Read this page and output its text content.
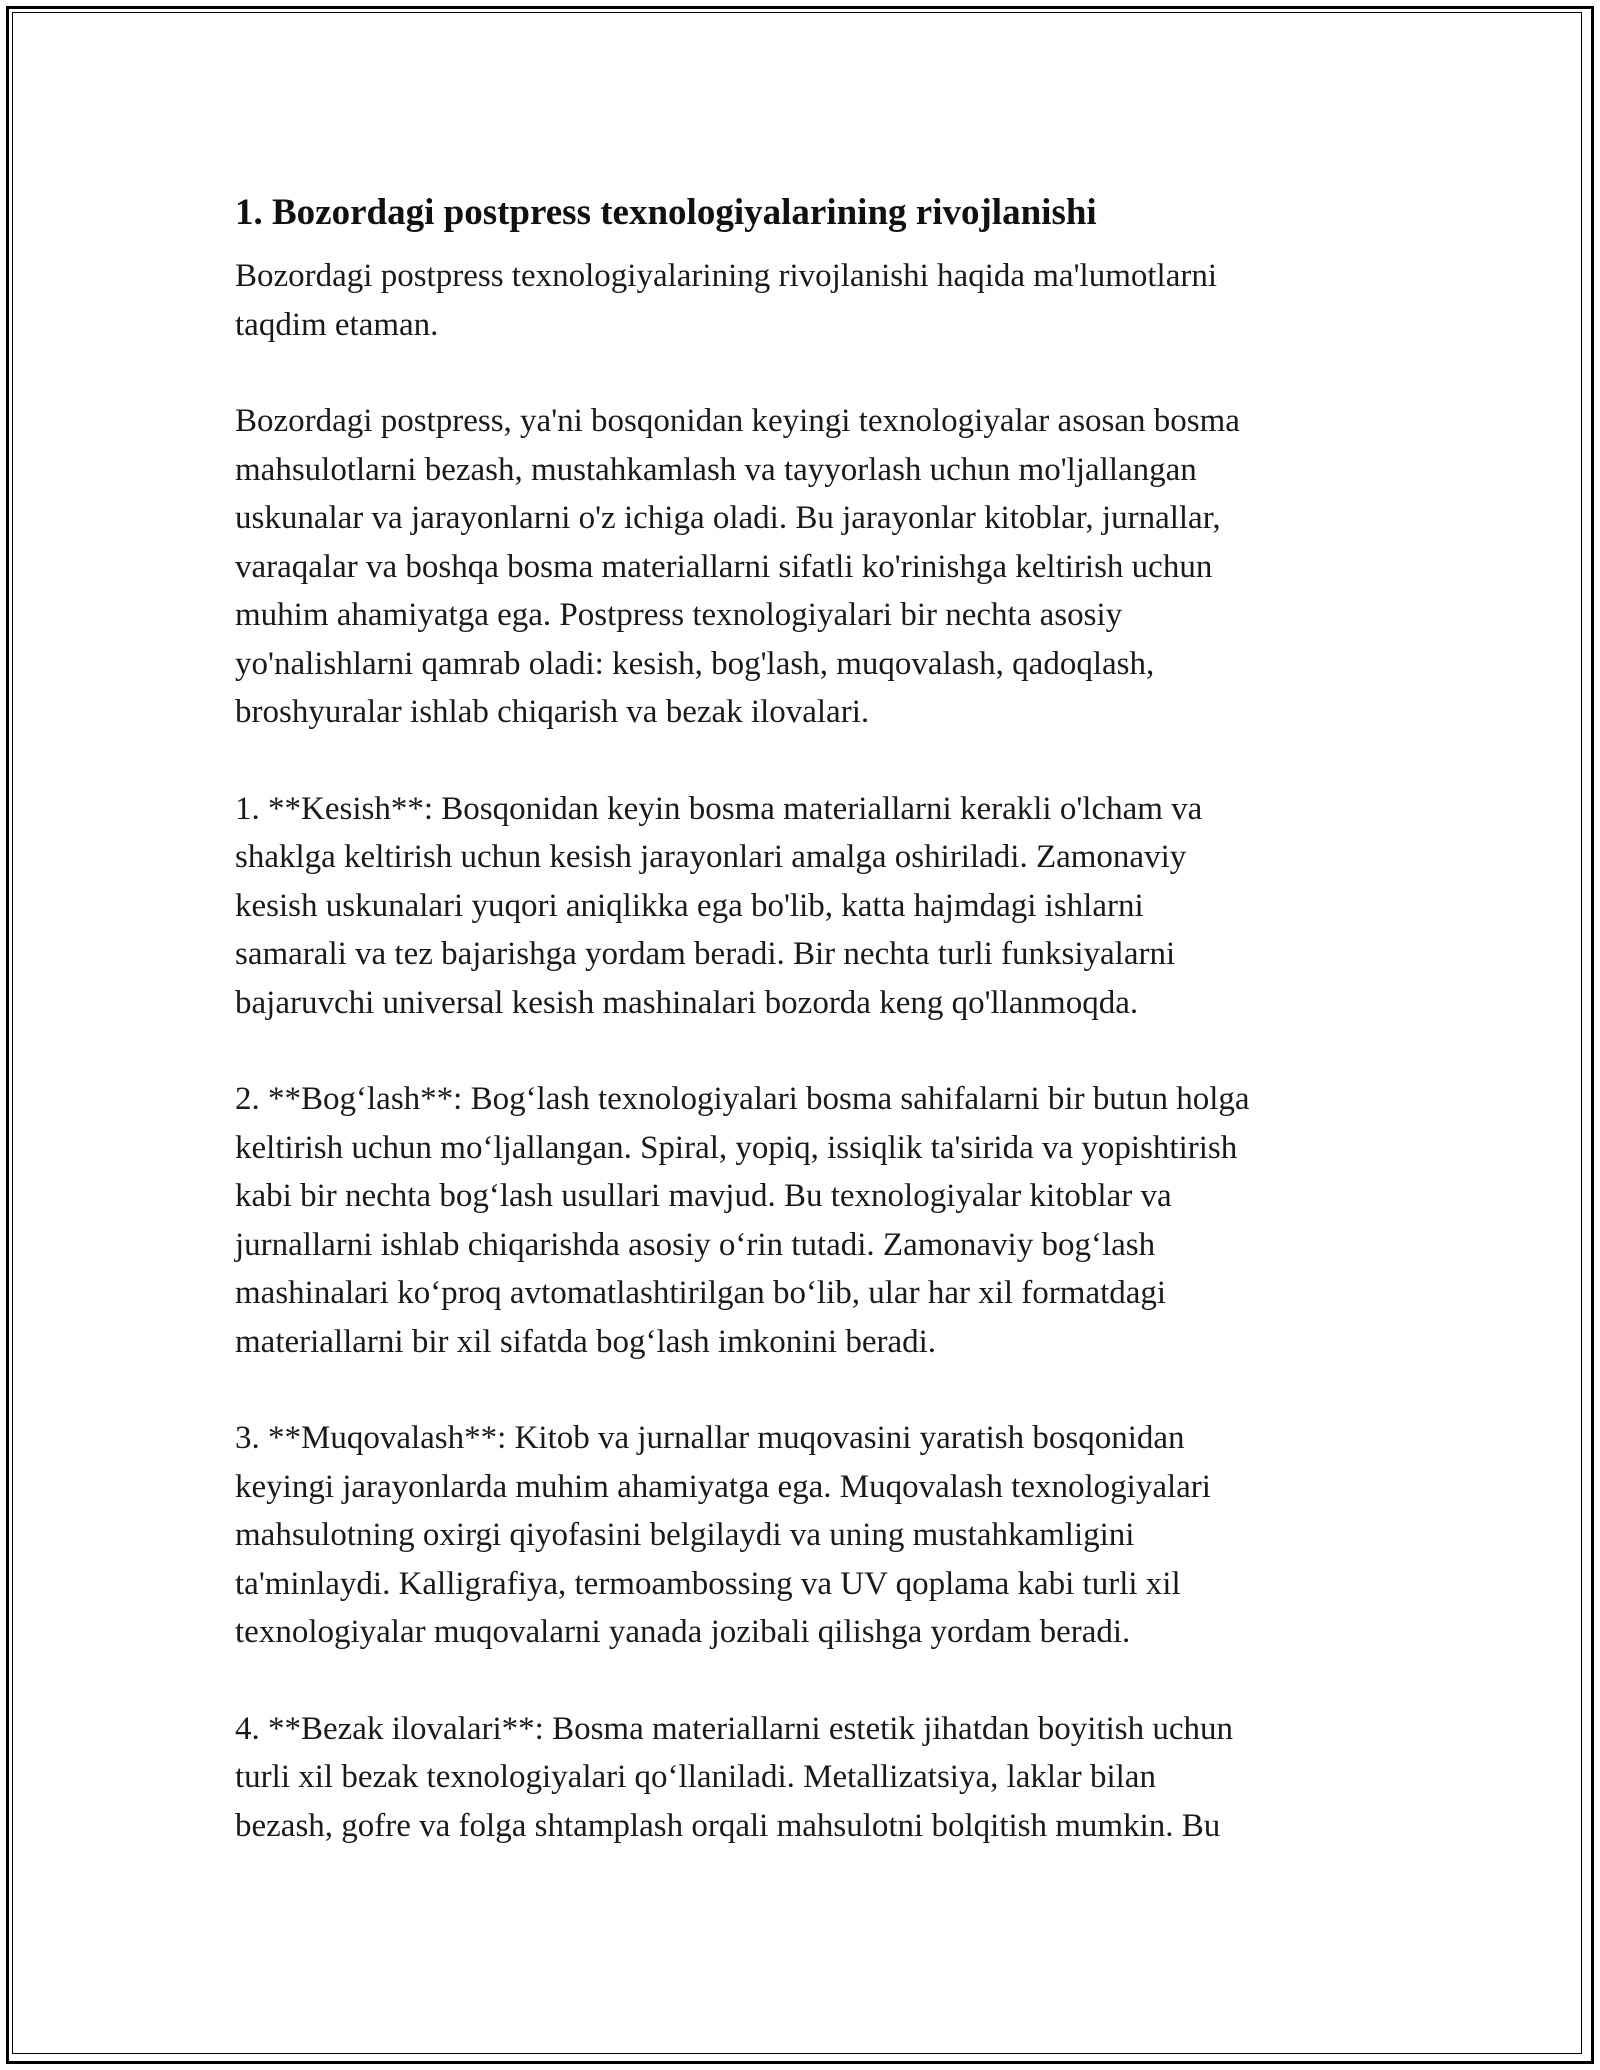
1. Bozordagi postpress texnologiyalarining rivojlanishi

Bozordagi postpress texnologiyalarining rivojlanishi haqida ma'lumotlarni
taqdim etaman.

Bozordagi postpress, ya'ni bosqonidan keyingi texnologiyalar asosan bosma
mahsulotlarni bezash, mustahkamlash va tayyorlash uchun mo'ljallangan
uskunalar va jarayonlarni o'z ichiga oladi. Bu jarayonlar kitoblar, jurnallar,
varaqalar va boshqa bosma materiallarni sifatli ko'rinishga keltirish uchun
muhim ahamiyatga ega. Postpress texnologiyalari bir nechta asosiy
yo'nalishlarni qamrab oladi: kesish, bog'lash, muqovalash, qadoqlash,
broshyuralar ishlab chiqarish va bezak ilovalari.

1. **Kesish**: Bosqonidan keyin bosma materiallarni kerakli o'lcham va
shaklga keltirish uchun kesish jarayonlari amalga oshiriladi. Zamonaviy
kesish uskunalari yuqori aniqlikka ega bo'lib, katta hajmdagi ishlarni
samarali va tez bajarishga yordam beradi. Bir nechta turli funksiyalarni
bajaruvchi universal kesish mashinalari bozorda keng qo'llanmoqda.

2. **Bog‘lash**: Bog‘lash texnologiyalari bosma sahifalarni bir butun holga
keltirish uchun mo‘ljallangan. Spiral, yopiq, issiqlik ta'sirida va yopishtirish
kabi bir nechta bog‘lash usullari mavjud. Bu texnologiyalar kitoblar va
jurnallarni ishlab chiqarishda asosiy o‘rin tutadi. Zamonaviy bog‘lash
mashinalari ko‘proq avtomatlashtirilgan bo‘lib, ular har xil formatdagi
materiallarni bir xil sifatda bog‘lash imkonini beradi.

3. **Muqovalash**: Kitob va jurnallar muqovasini yaratish bosqonidan
keyingi jarayonlarda muhim ahamiyatga ega. Muqovalash texnologiyalari
mahsulotning oxirgi qiyofasini belgilaydi va uning mustahkamligini
ta'minlaydi. Kalligrafiya, termoambossing va UV qoplama kabi turli xil
texnologiyalar muqovalarni yanada jozibali qilishga yordam beradi.

4. **Bezak ilovalari**: Bosma materiallarni estetik jihatdan boyitish uchun
turli xil bezak texnologiyalari qo‘llaniladi. Metallizatsiya, laklar bilan
bezash, gofre va folga shtamplash orqali mahsulotni bolqitish mumkin. Bu
